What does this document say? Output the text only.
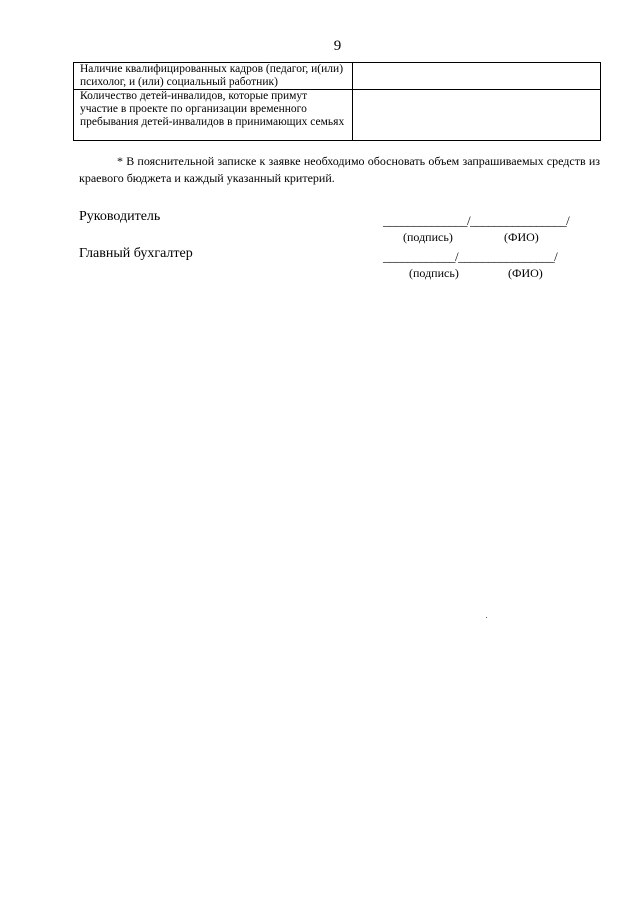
9
Наличие квалифицированных кадров (педагог, и(или) психолог, и (или) социальный работник)	
Количество детей-инвалидов, которые примут участие в проекте по организации временного пребывания детей-инвалидов в принимающих семьях	
* В пояснительной записке к заявке необходимо обосновать объем запрашиваемых средств из краевого бюджета и каждый указанный критерий.
Руководитель	______________/________________/
(подпись)	(ФИО)
Главный бухгалтер	____________/________________/
(подпись)	(ФИО)
